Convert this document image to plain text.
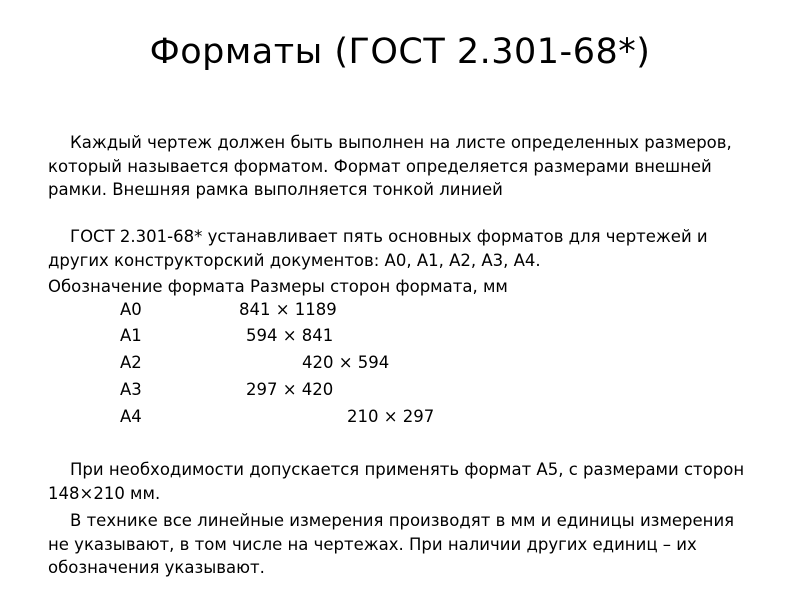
Форматы (ГОСТ 2.301-68*)
Каждый чертеж должен быть выполнен на листе определенных размеров, который называется форматом. Формат определяется размерами внешней рамки. Внешняя рамка выполняется тонкой линией
ГОСТ 2.301-68* устанавливает пять основных форматов для чертежей и других конструкторский документов: А0, А1, А2, А3, А4.
Обозначение формата Размеры сторон формата, мм
А0	841 × 1189
А1	594 × 841
А2	420 × 594
А3	297 × 420
А4	210 × 297
При необходимости допускается применять формат А5, с размерами сторон 148×210 мм.
В технике все линейные измерения производят в мм и единицы измерения не указывают, в том числе на чертежах. При наличии других единиц – их обозначения указывают.
